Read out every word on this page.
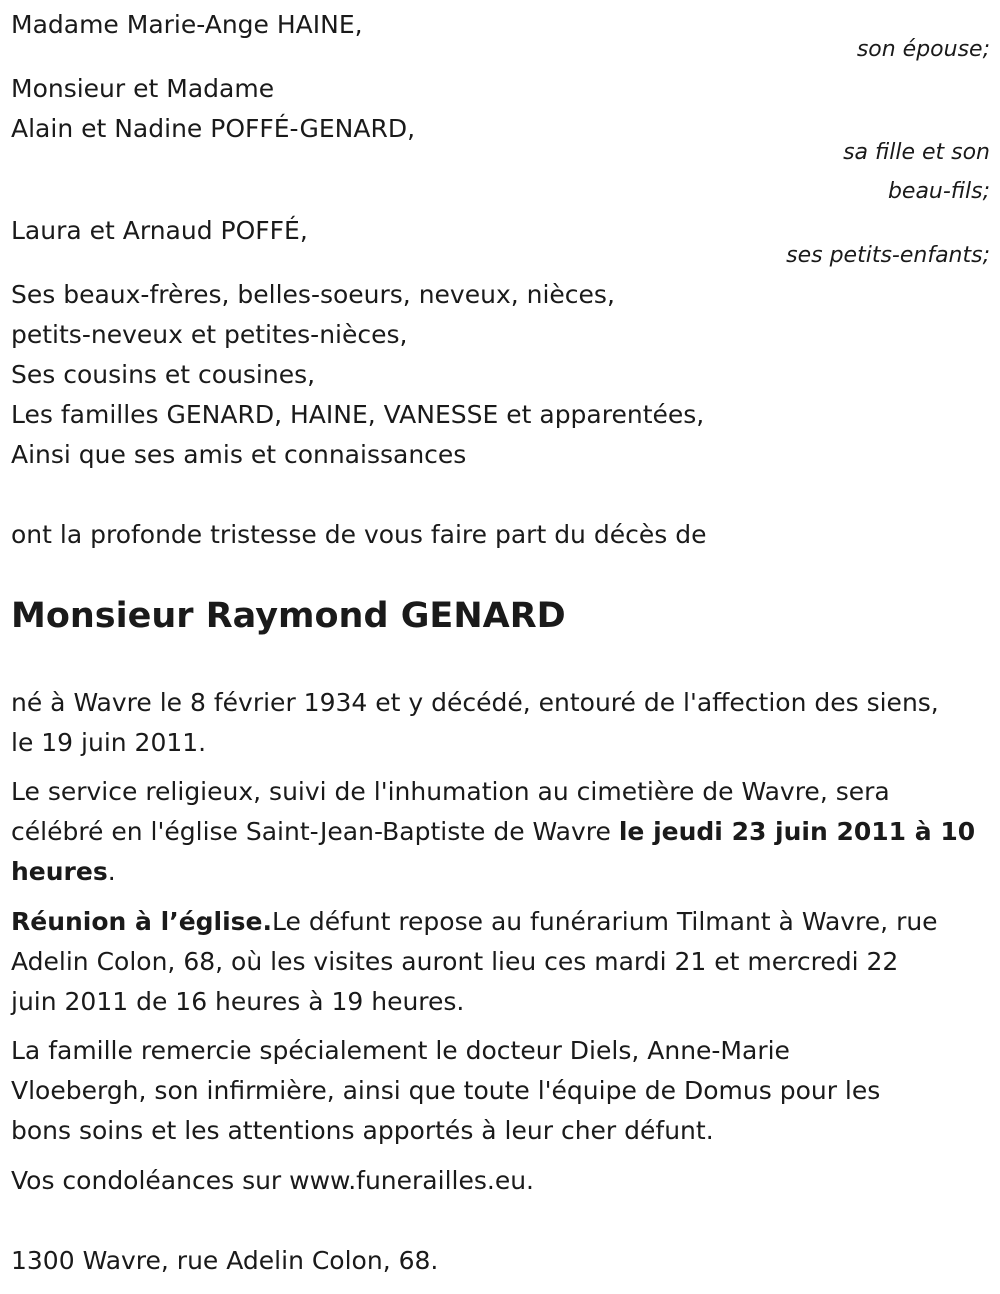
Madame Marie-Ange HAINE,
son épouse;
Monsieur et Madame
Alain et Nadine POFFÉ-GENARD,
sa fille et son
beau-fils;
Laura et Arnaud POFFÉ,
ses petits-enfants;
Ses beaux-frères, belles-soeurs, neveux, nièces,
petits-neveux et petites-nièces,
Ses cousins et cousines,
Les familles GENARD, HAINE, VANESSE et apparentées,
Ainsi que ses amis et connaissances
ont la profonde tristesse de vous faire part du décès de
Monsieur Raymond GENARD
né à Wavre le 8 février 1934 et y décédé, entouré de l'affection des siens,
le 19 juin 2011.
Le service religieux, suivi de l'inhumation au cimetière de Wavre, sera
célébré en l'église Saint-Jean-Baptiste de Wavre le jeudi 23 juin 2011 à 10
heures.
Réunion à l’église.Le défunt repose au funérarium Tilmant à Wavre, rue
Adelin Colon, 68, où les visites auront lieu ces mardi 21 et mercredi 22
juin 2011 de 16 heures à 19 heures.
La famille remercie spécialement le docteur Diels, Anne-Marie
Vloebergh, son infirmière, ainsi que toute l'équipe de Domus pour les
bons soins et les attentions apportés à leur cher défunt.
Vos condoléances sur www.funerailles.eu.
1300 Wavre, rue Adelin Colon, 68.
